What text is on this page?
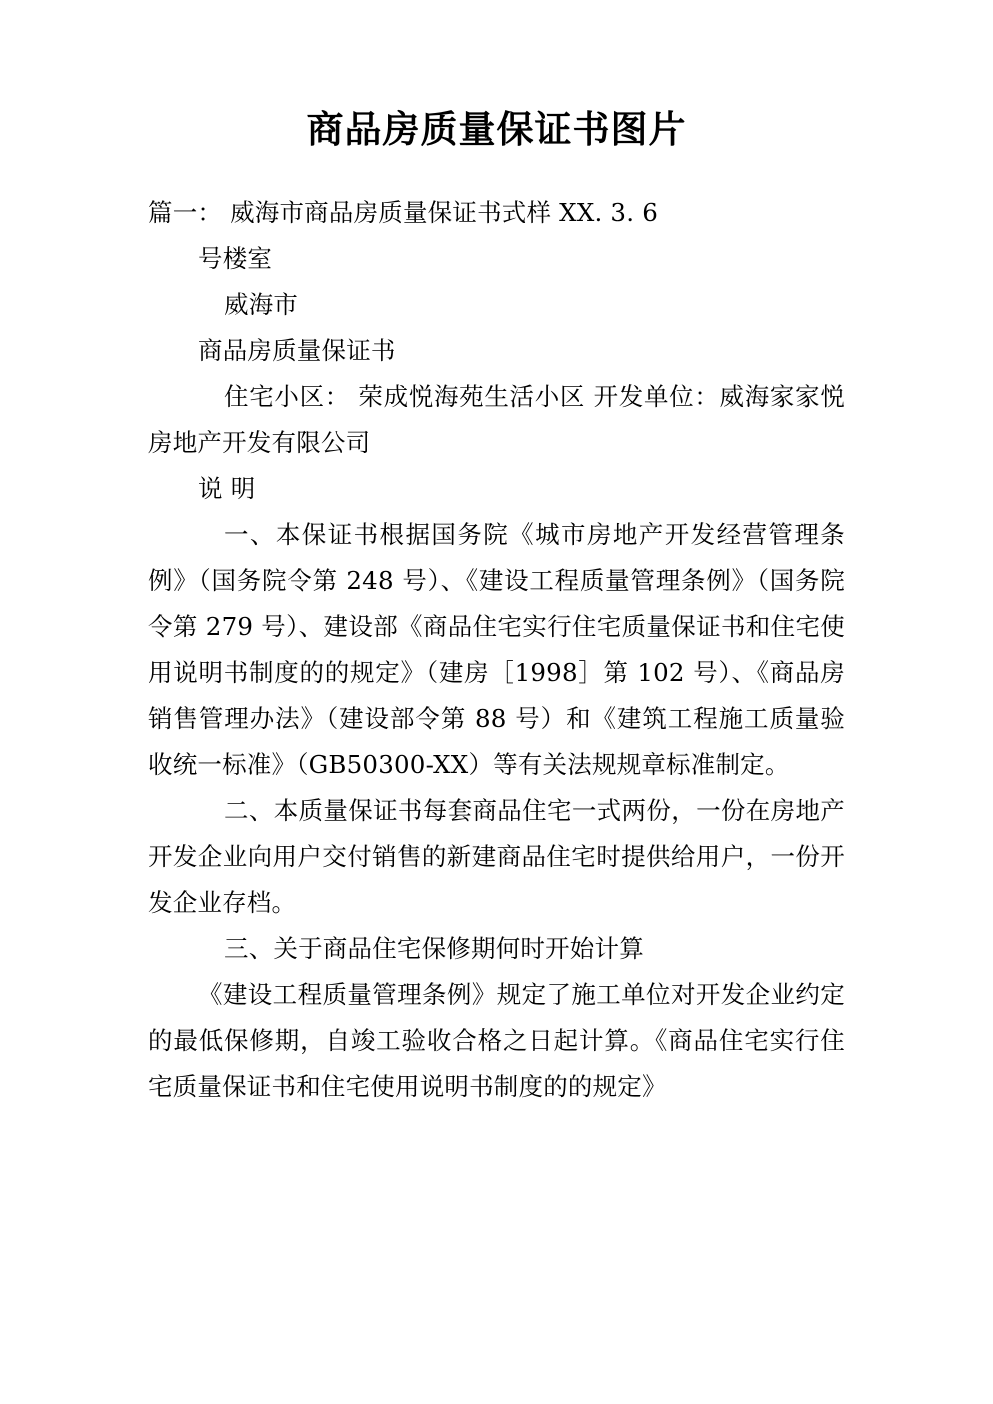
商品房质量保证书图片

篇一： 威海市商品房质量保证书式样 XX. 3. 6

号楼室

威海市

商品房质量保证书

住宅小区： 荣成悦海苑生活小区 开发单位：威海家家悦房地产开发有限公司

说 明

一、本保证书根据国务院《城市房地产开发经营管理条例》（国务院令第 248 号）、《建设工程质量管理条例》（国务院令第 279 号）、建设部《商品住宅实行住宅质量保证书和住宅使用说明书制度的的规定》（建房［1998］第 102 号）、《商品房销售管理办法》（建设部令第 88 号）和《建筑工程施工质量验收统一标准》（GB50300-XX）等有关法规规章标准制定。

二、本质量保证书每套商品住宅一式两份，一份在房地产开发企业向用户交付销售的新建商品住宅时提供给用户，一份开发企业存档。

三、关于商品住宅保修期何时开始计算

《建设工程质量管理条例》规定了施工单位对开发企业约定的最低保修期，自竣工验收合格之日起计算。《商品住宅实行住宅质量保证书和住宅使用说明书制度的的规定》
